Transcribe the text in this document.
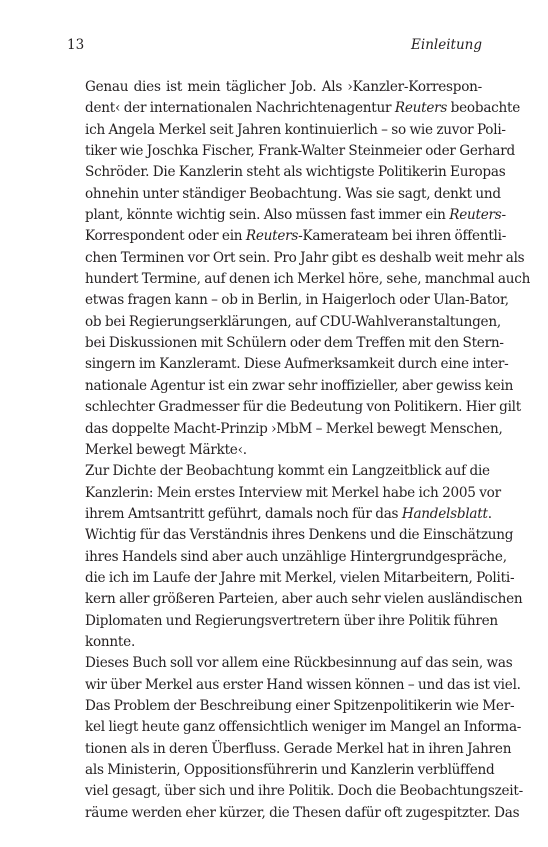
13	Einleitung

Genau dies ist mein täglicher Job. Als ›Kanzler-Korrespon-
dent‹ der internationalen Nachrichtenagentur Reuters beobachte
ich Angela Merkel seit Jahren kontinuierlich – so wie zuvor Poli-
tiker wie Joschka Fischer, Frank-Walter Steinmeier oder Gerhard
Schröder. Die Kanzlerin steht als wichtigste Politikerin Europas
ohnehin unter ständiger Beobachtung. Was sie sagt, denkt und
plant, könnte wichtig sein. Also müssen fast immer ein Reuters-
Korrespondent oder ein Reuters-Kamerateam bei ihren öffentli-
chen Terminen vor Ort sein. Pro Jahr gibt es deshalb weit mehr als
hundert Termine, auf denen ich Merkel höre, sehe, manchmal auch
etwas fragen kann – ob in Berlin, in Haigerloch oder Ulan-Bator,
ob bei Regierungserklärungen, auf CDU-Wahlveranstaltungen,
bei Diskussionen mit Schülern oder dem Treffen mit den Stern-
singern im Kanzleramt. Diese Aufmerksamkeit durch eine inter-
nationale Agentur ist ein zwar sehr inoffizieller, aber gewiss kein
schlechter Gradmesser für die Bedeutung von Politikern. Hier gilt
das doppelte Macht-Prinzip ›MbM – Merkel bewegt Menschen,
Merkel bewegt Märkte‹.

Zur Dichte der Beobachtung kommt ein Langzeitblick auf die
Kanzlerin: Mein erstes Interview mit Merkel habe ich 2005 vor
ihrem Amtsantritt geführt, damals noch für das Handelsblatt.
Wichtig für das Verständnis ihres Denkens und die Einschätzung
ihres Handels sind aber auch unzählige Hintergrundgespräche,
die ich im Laufe der Jahre mit Merkel, vielen Mitarbeitern, Politi-
kern aller größeren Parteien, aber auch sehr vielen ausländischen
Diplomaten und Regierungsvertretern über ihre Politik führen
konnte.

Dieses Buch soll vor allem eine Rückbesinnung auf das sein, was
wir über Merkel aus erster Hand wissen können – und das ist viel.
Das Problem der Beschreibung einer Spitzenpolitikerin wie Mer-
kel liegt heute ganz offensichtlich weniger im Mangel an Informa-
tionen als in deren Überfluss. Gerade Merkel hat in ihren Jahren
als Ministerin, Oppositionsführerin und Kanzlerin verblüffend
viel gesagt, über sich und ihre Politik. Doch die Beobachtungszeit-
räume werden eher kürzer, die Thesen dafür oft zugespitzter. Das
